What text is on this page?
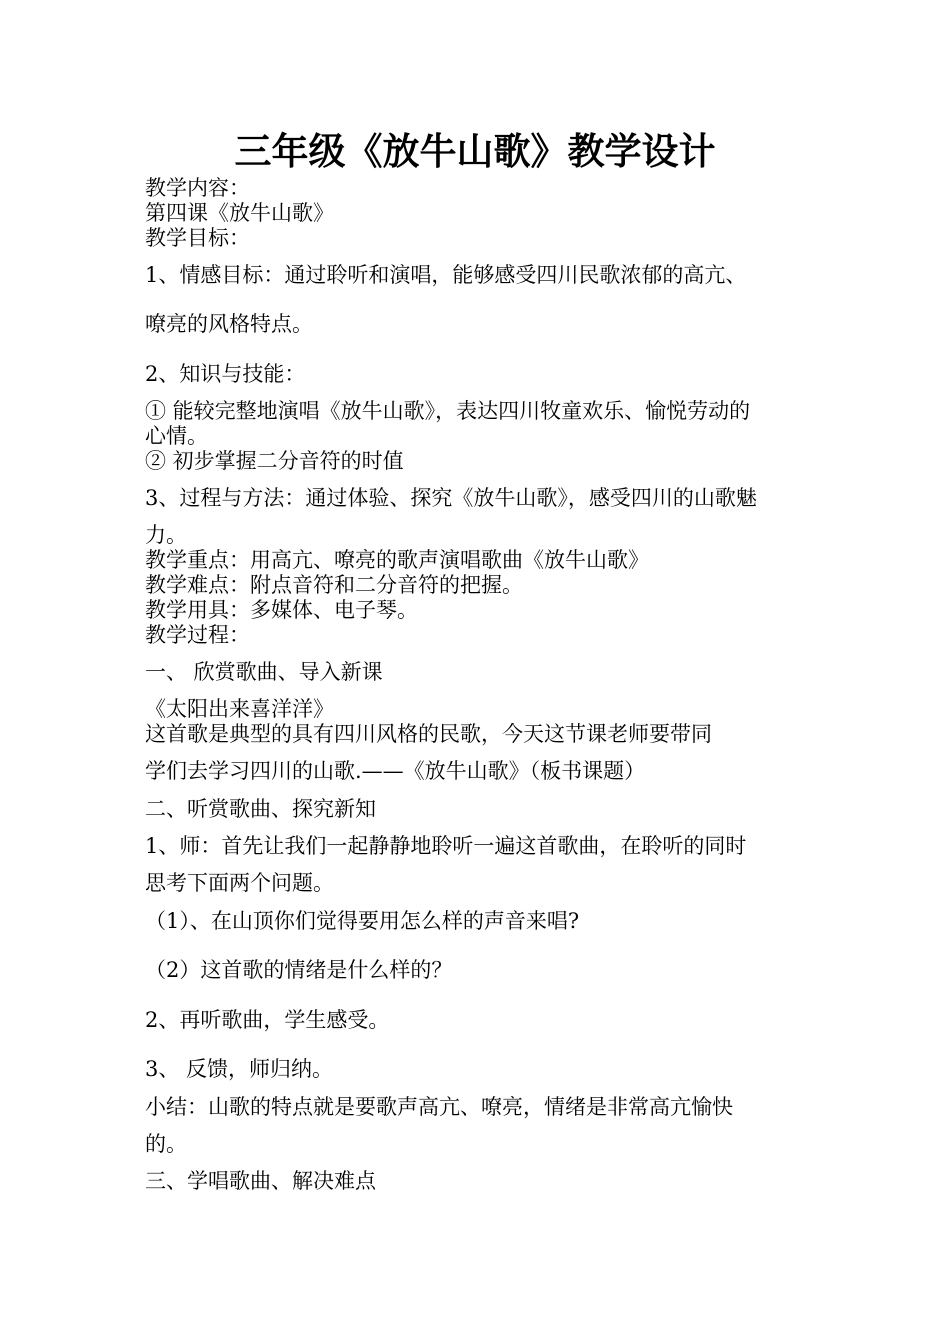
三年级《放牛山歌》教学设计
教学内容：
第四课《放牛山歌》
教学目标：
1、情感目标：通过聆听和演唱，能够感受四川民歌浓郁的高亢、
嘹亮的风格特点。
2、知识与技能：
① 能较完整地演唱《放牛山歌》，表达四川牧童欢乐、愉悦劳动的
心情。
② 初步掌握二分音符的时值
3、过程与方法：通过体验、探究《放牛山歌》，感受四川的山歌魅
力。
教学重点：用高亢、嘹亮的歌声演唱歌曲《放牛山歌》
教学难点：附点音符和二分音符的把握。
教学用具：多媒体、电子琴。
教学过程：
一、 欣赏歌曲、导入新课
《太阳出来喜洋洋》
这首歌是典型的具有四川风格的民歌，今天这节课老师要带同
学们去学习四川的山歌.——《放牛山歌》（板书课题）
二、听赏歌曲、探究新知
1、师：首先让我们一起静静地聆听一遍这首歌曲，在聆听的同时
思考下面两个问题。
（1）、在山顶你们觉得要用怎么样的声音来唱?
（2）这首歌的情绪是什么样的？
2、再听歌曲，学生感受。
3、 反馈，师归纳。
小结：山歌的特点就是要歌声高亢、嘹亮，情绪是非常高亢愉快
的。
三、学唱歌曲、解决难点
